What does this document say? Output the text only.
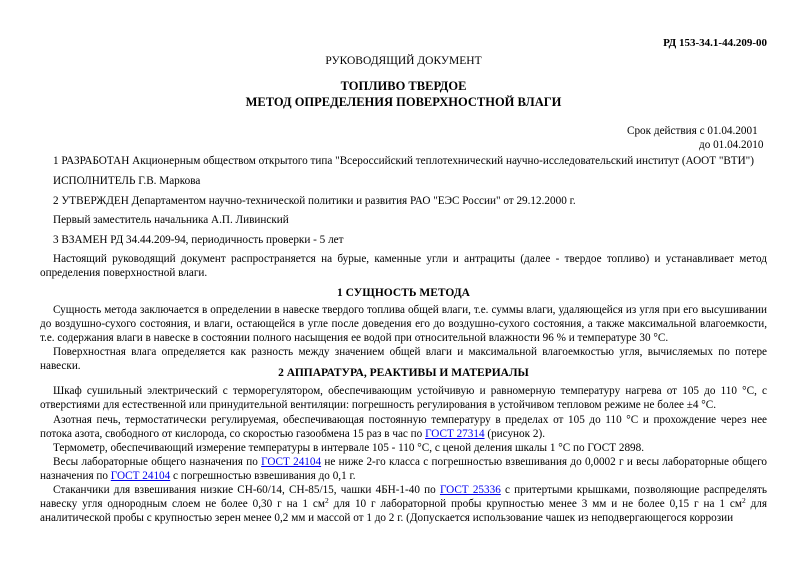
РД 153-34.1-44.209-00
РУКОВОДЯЩИЙ ДОКУМЕНТ
ТОПЛИВО ТВЕРДОЕ
МЕТОД ОПРЕДЕЛЕНИЯ ПОВЕРХНОСТНОЙ ВЛАГИ
Срок действия с 01.04.2001
до 01.04.2010
1 РАЗРАБОТАН Акционерным обществом открытого типа "Всероссийский теплотехнический научно-исследовательский институт (АООТ "ВТИ")
ИСПОЛНИТЕЛЬ Г.В. Маркова
2 УТВЕРЖДЕН Департаментом научно-технической политики и развития РАО "ЕЭС России" от 29.12.2000 г.
Первый заместитель начальника А.П. Ливинский
3 ВЗАМЕН РД 34.44.209-94, периодичность проверки - 5 лет
Настоящий руководящий документ распространяется на бурые, каменные угли и антрациты (далее - твердое топливо) и устанавливает метод определения поверхностной влаги.
1 СУЩНОСТЬ МЕТОДА
Сущность метода заключается в определении в навеске твердого топлива общей влаги, т.е. суммы влаги, удаляющейся из угля при его высушивании до воздушно-сухого состояния, и влаги, остающейся в угле после доведения его до воздушно-сухого состояния, а также максимальной влагоемкости, т.е. содержания влаги в навеске в состоянии полного насыщения ее водой при относительной влажности 96 % и температуре 30 °С.
Поверхностная влага определяется как разность между значением общей влаги и максимальной влагоемкостью угля, вычисляемых по потере навески.
2 АППАРАТУРА, РЕАКТИВЫ И МАТЕРИАЛЫ
Шкаф сушильный электрический с терморегулятором, обеспечивающим устойчивую и равномерную температуру нагрева от 105 до 110 °С, с отверстиями для естественной или принудительной вентиляции: погрешность регулирования в устойчивом тепловом режиме не более ±4 °С.
Азотная печь, термостатически регулируемая, обеспечивающая постоянную температуру в пределах от 105 до 110 °С и прохождение через нее потока азота, свободного от кислорода, со скоростью газообмена 15 раз в час по ГОСТ 27314 (рисунок 2).
Термометр, обеспечивающий измерение температуры в интервале 105 - 110 °С, с ценой деления шкалы 1 °С по ГОСТ 2898.
Весы лабораторные общего назначения по ГОСТ 24104 не ниже 2-го класса с погрешностью взвешивания до 0,0002 г и весы лабораторные общего назначения по ГОСТ 24104 с погрешностью взвешивания до 0,1 г.
Стаканчики для взвешивания низкие СН-60/14, СН-85/15, чашки 4БН-1-40 по ГОСТ 25336 с притертыми крышками, позволяющие распределять навеску угля однородным слоем не более 0,30 г на 1 $см^2$ для 10 г лабораторной пробы крупностью менее 3 мм и не более 0,15 г на 1 $см^2$ для аналитической пробы с крупностью зерен менее 0,2 мм и массой от 1 до 2 г. (Допускается использование чашек из неподвергающегося коррозии
